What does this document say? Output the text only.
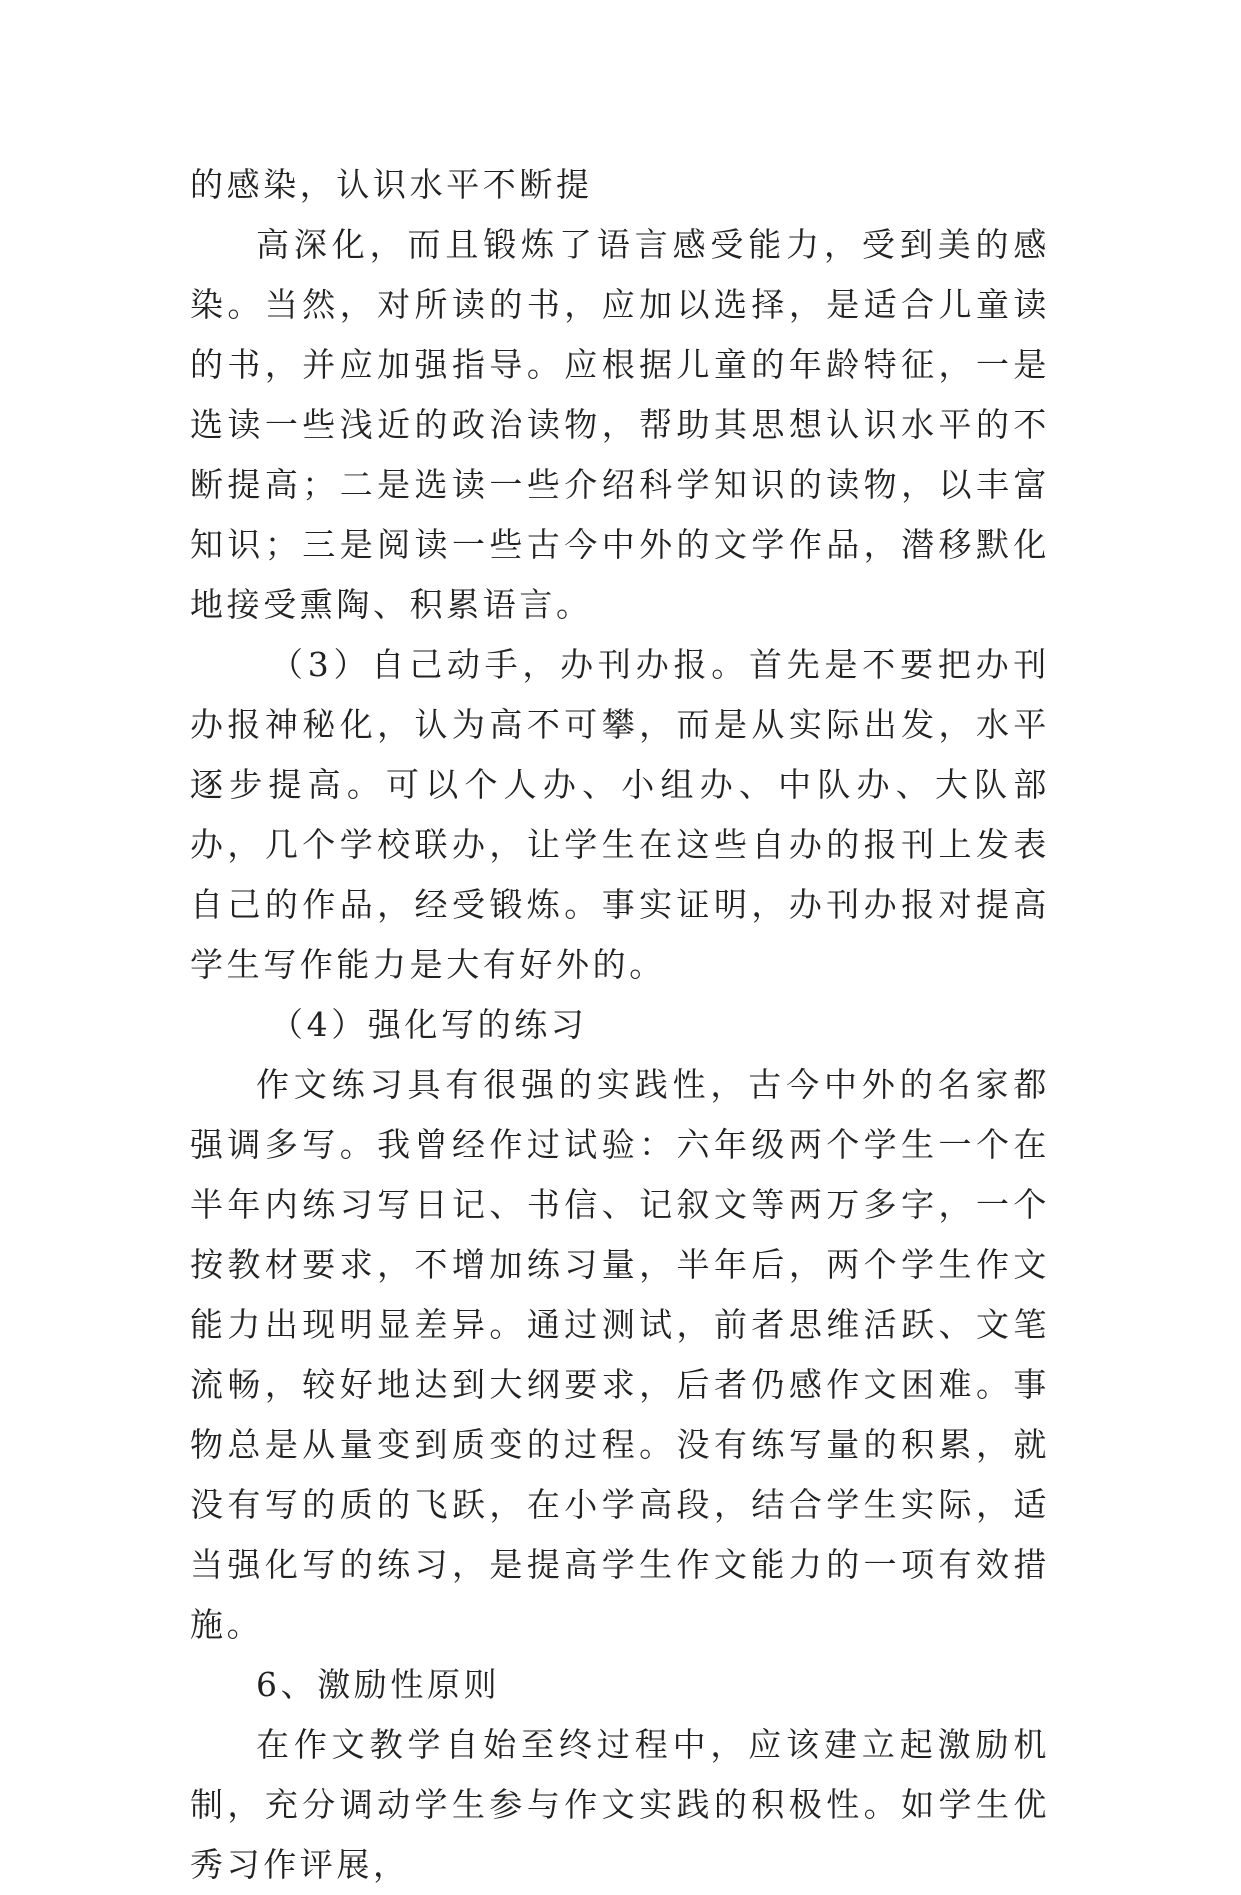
的感染，认识水平不断提

高深化，而且锻炼了语言感受能力，受到美的感染。当然，对所读的书，应加以选择，是适合儿童读的书，并应加强指导。应根据儿童的年龄特征，一是选读一些浅近的政治读物，帮助其思想认识水平的不断提高；二是选读一些介绍科学知识的读物，以丰富知识；三是阅读一些古今中外的文学作品，潜移默化地接受熏陶、积累语言。

（3）自己动手，办刊办报。首先是不要把办刊办报神秘化，认为高不可攀，而是从实际出发，水平逐步提高。可以个人办、小组办、中队办、大队部办，几个学校联办，让学生在这些自办的报刊上发表自己的作品，经受锻炼。事实证明，办刊办报对提高学生写作能力是大有好外的。

（4）强化写的练习

作文练习具有很强的实践性，古今中外的名家都强调多写。我曾经作过试验：六年级两个学生一个在半年内练习写日记、书信、记叙文等两万多字，一个按教材要求，不增加练习量，半年后，两个学生作文能力出现明显差异。通过测试，前者思维活跃、文笔流畅，较好地达到大纲要求，后者仍感作文困难。事物总是从量变到质变的过程。没有练写量的积累，就没有写的质的飞跃，在小学高段，结合学生实际，适当强化写的练习，是提高学生作文能力的一项有效措施。

6、激励性原则

在作文教学自始至终过程中，应该建立起激励机制，充分调动学生参与作文实践的积极性。如学生优秀习作评展，
